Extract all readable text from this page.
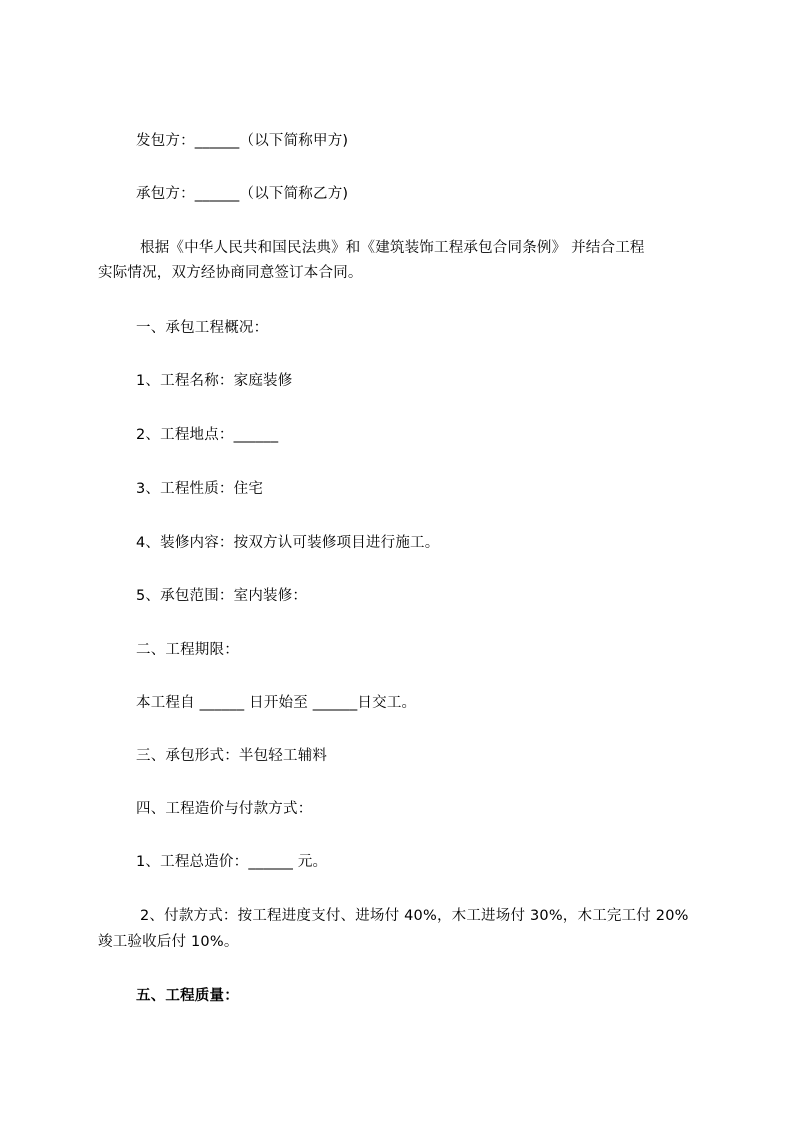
发包方：______（以下简称甲方)
承包方：______（以下简称乙方)
根据《中华人民共和国民法典》和《建筑装饰工程承包合同条例》 并结合工程
实际情况，双方经协商同意签订本合同。
一、承包工程概况：
1、工程名称：家庭装修
2、工程地点：______
3、工程性质：住宅
4、装修内容：按双方认可装修项目进行施工。
5、承包范围：室内装修：
二、工程期限：
本工程自 ______ 日开始至 ______日交工。
三、承包形式：半包轻工辅料
四、工程造价与付款方式：
1、工程总造价：______ 元。
2、付款方式：按工程进度支付、进场付 40%，木工进场付 30%，木工完工付 20%
竣工验收后付 10%。
五、工程质量：
